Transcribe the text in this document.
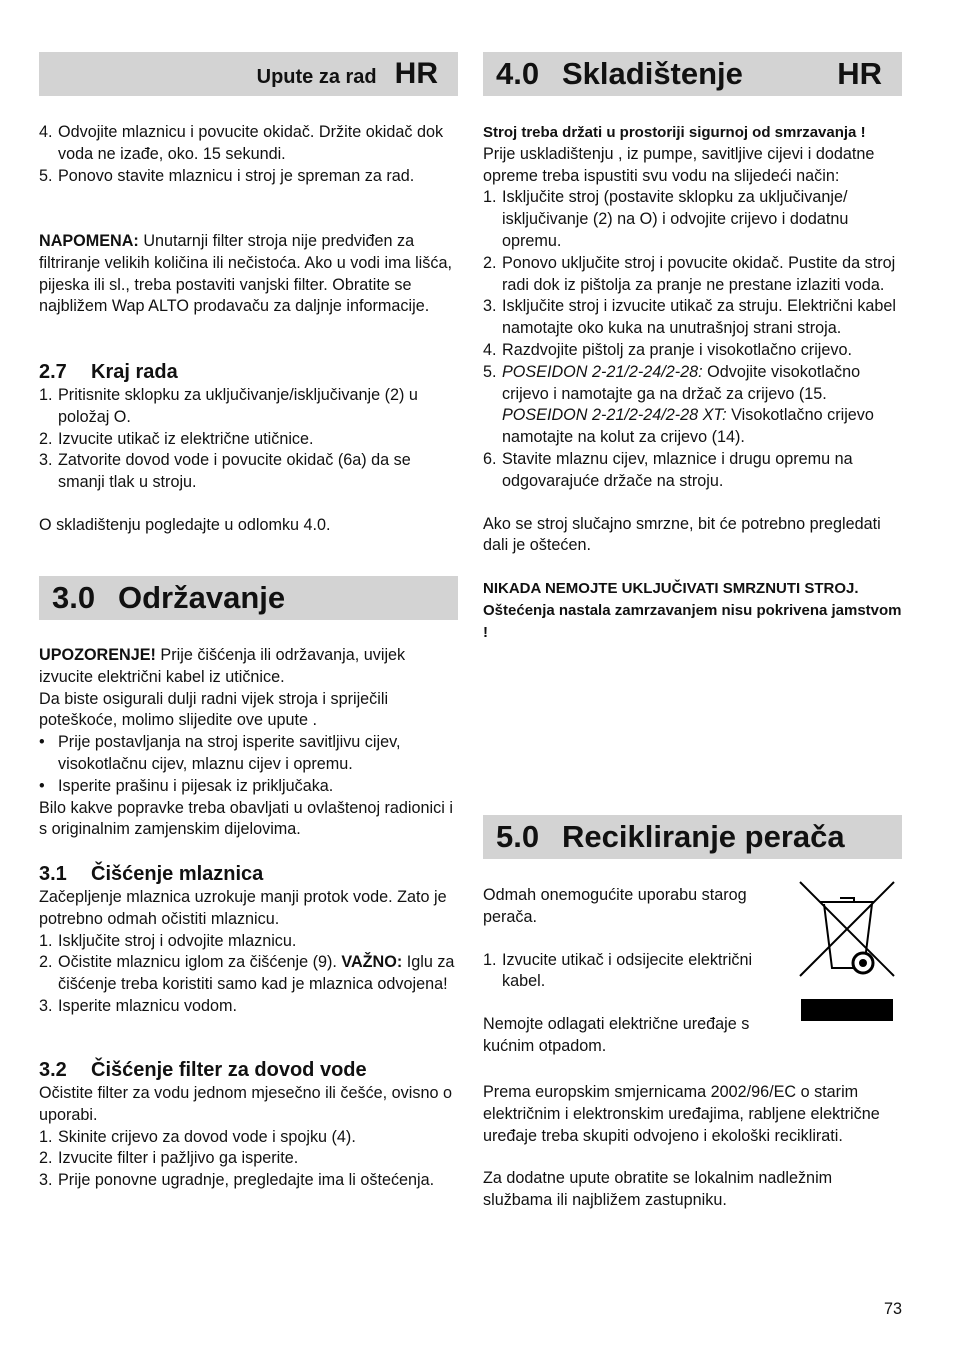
Upute za rad HR
4. Odvojite mlaznicu i povucite okidač. Držite okidač dok voda ne izađe, oko. 15 sekundi.
5. Ponovo stavite mlaznicu i stroj je spreman za rad.

NAPOMENA: Unutarnji filter stroja nije predviđen za filtriranje velikih količina ili nečistoća. Ako u vodi ima lišća, pijeska ili sl., treba postaviti vanjski filter. Obratite se najbližem Wap ALTO prodavaču za daljnje informacije.

2.7	Kraj rada
1. Pritisnite sklopku za uključivanje/isključivanje (2) u položaj O.
2. Izvucite utikač iz električne utičnice.
3. Zatvorite dovod vode i povucite okidač (6a) da se smanji tlak u stroju.

O skladištenju pogledajte u odlomku 4.0.

3.0 Održavanje

UPOZORENJE! Prije čišćenja ili održavanja, uvijek izvucite električni kabel iz utičnice.

Da biste osigurali dulji radni vijek stroja i spriječili poteškoće, molimo slijedite ove upute .

• Prije postavljanja na stroj isperite savitljivu cijev, visokotlačnu cijev, mlaznu cijev i opremu.
• Isperite prašinu i pijesak iz priključaka.

Bilo kakve popravke treba obavljati u ovlaštenoj radionici i s originalnim zamjenskim dijelovima.

3.1	Čišćenje mlaznica

Začepljenje mlaznica uzrokuje manji protok vode. Zato je potrebno odmah očistiti mlaznicu.

1. Isključite stroj i odvojite mlaznicu.
2. Očistite mlaznicu iglom za čišćenje (9). VAŽNO: Iglu za čišćenje treba koristiti samo kad je mlaznica odvojena!
3. Isperite mlaznicu vodom.
3.2	Čišćenje filter za dovod vode

Očistite filter za vodu jednom mjesečno ili češće, ovisno o uporabi.

1. Skinite crijevo za dovod vode i spojku (4).
2. Izvucite filter i pažljivo ga isperite.
3. Prije ponovne ugradnje, pregledajte ima li oštećenja.
4.0 Skladištenje	HR

Stroj treba držati u prostoriji sigurnoj od smrzavanja !

Prije uskladištenju , iz pumpe, savitljive cijevi i dodatne opreme treba ispustiti svu vodu na slijedeći način:

1. Isključite stroj (postavite sklopku za uključivanje/ isključivanje (2) na O) i odvojite crijevo i dodatnu opremu.
2. Ponovo uključite stroj i povucite okidač. Pustite da stroj radi dok iz pištolja za pranje ne prestane izlaziti voda.
3. Isključite stroj i izvucite utikač za struju. Električni kabel namotajte oko kuka na unutrašnjoj strani stroja.
4. Razdvojite pištolj za pranje i visokotlačno crijevo.
5. POSEIDON 2-21/2-24/2-28: Odvojite visokotlačno crijevo i namotajte ga na držač za crijevo (15.
POSEIDON 2-21/2-24/2-28 XT: Visokotlačno crijevo namotajte na kolut za crijevo (14).
6. Stavite mlaznu cijev, mlaznice i drugu opremu na odgovarajuće držače na stroju.

Ako se stroj slučajno smrzne, bit će potrebno pregledati dali je oštećen.

NIKADA NEMOJTE UKLJUČIVATI SMRZNUTI STROJ.
Oštećenja nastala zamrzavanjem nisu pokrivena jamstvom !

5.0 Recikliranje perača

Odmah onemogućite uporabu starog perača.

1. Izvucite utikač i odsijecite električni kabel.

Nemojte odlagati električne uređaje s kućnim otpadom.

Prema europskim smjernicama 2002/96/EC o starim električnim i elektronskim uređajima, rabljene električne uređaje treba skupiti odvojeno i ekološki reciklirati.

Za dodatne upute obratite se lokalnim nadležnim službama ili najbližem zastupniku.

73
